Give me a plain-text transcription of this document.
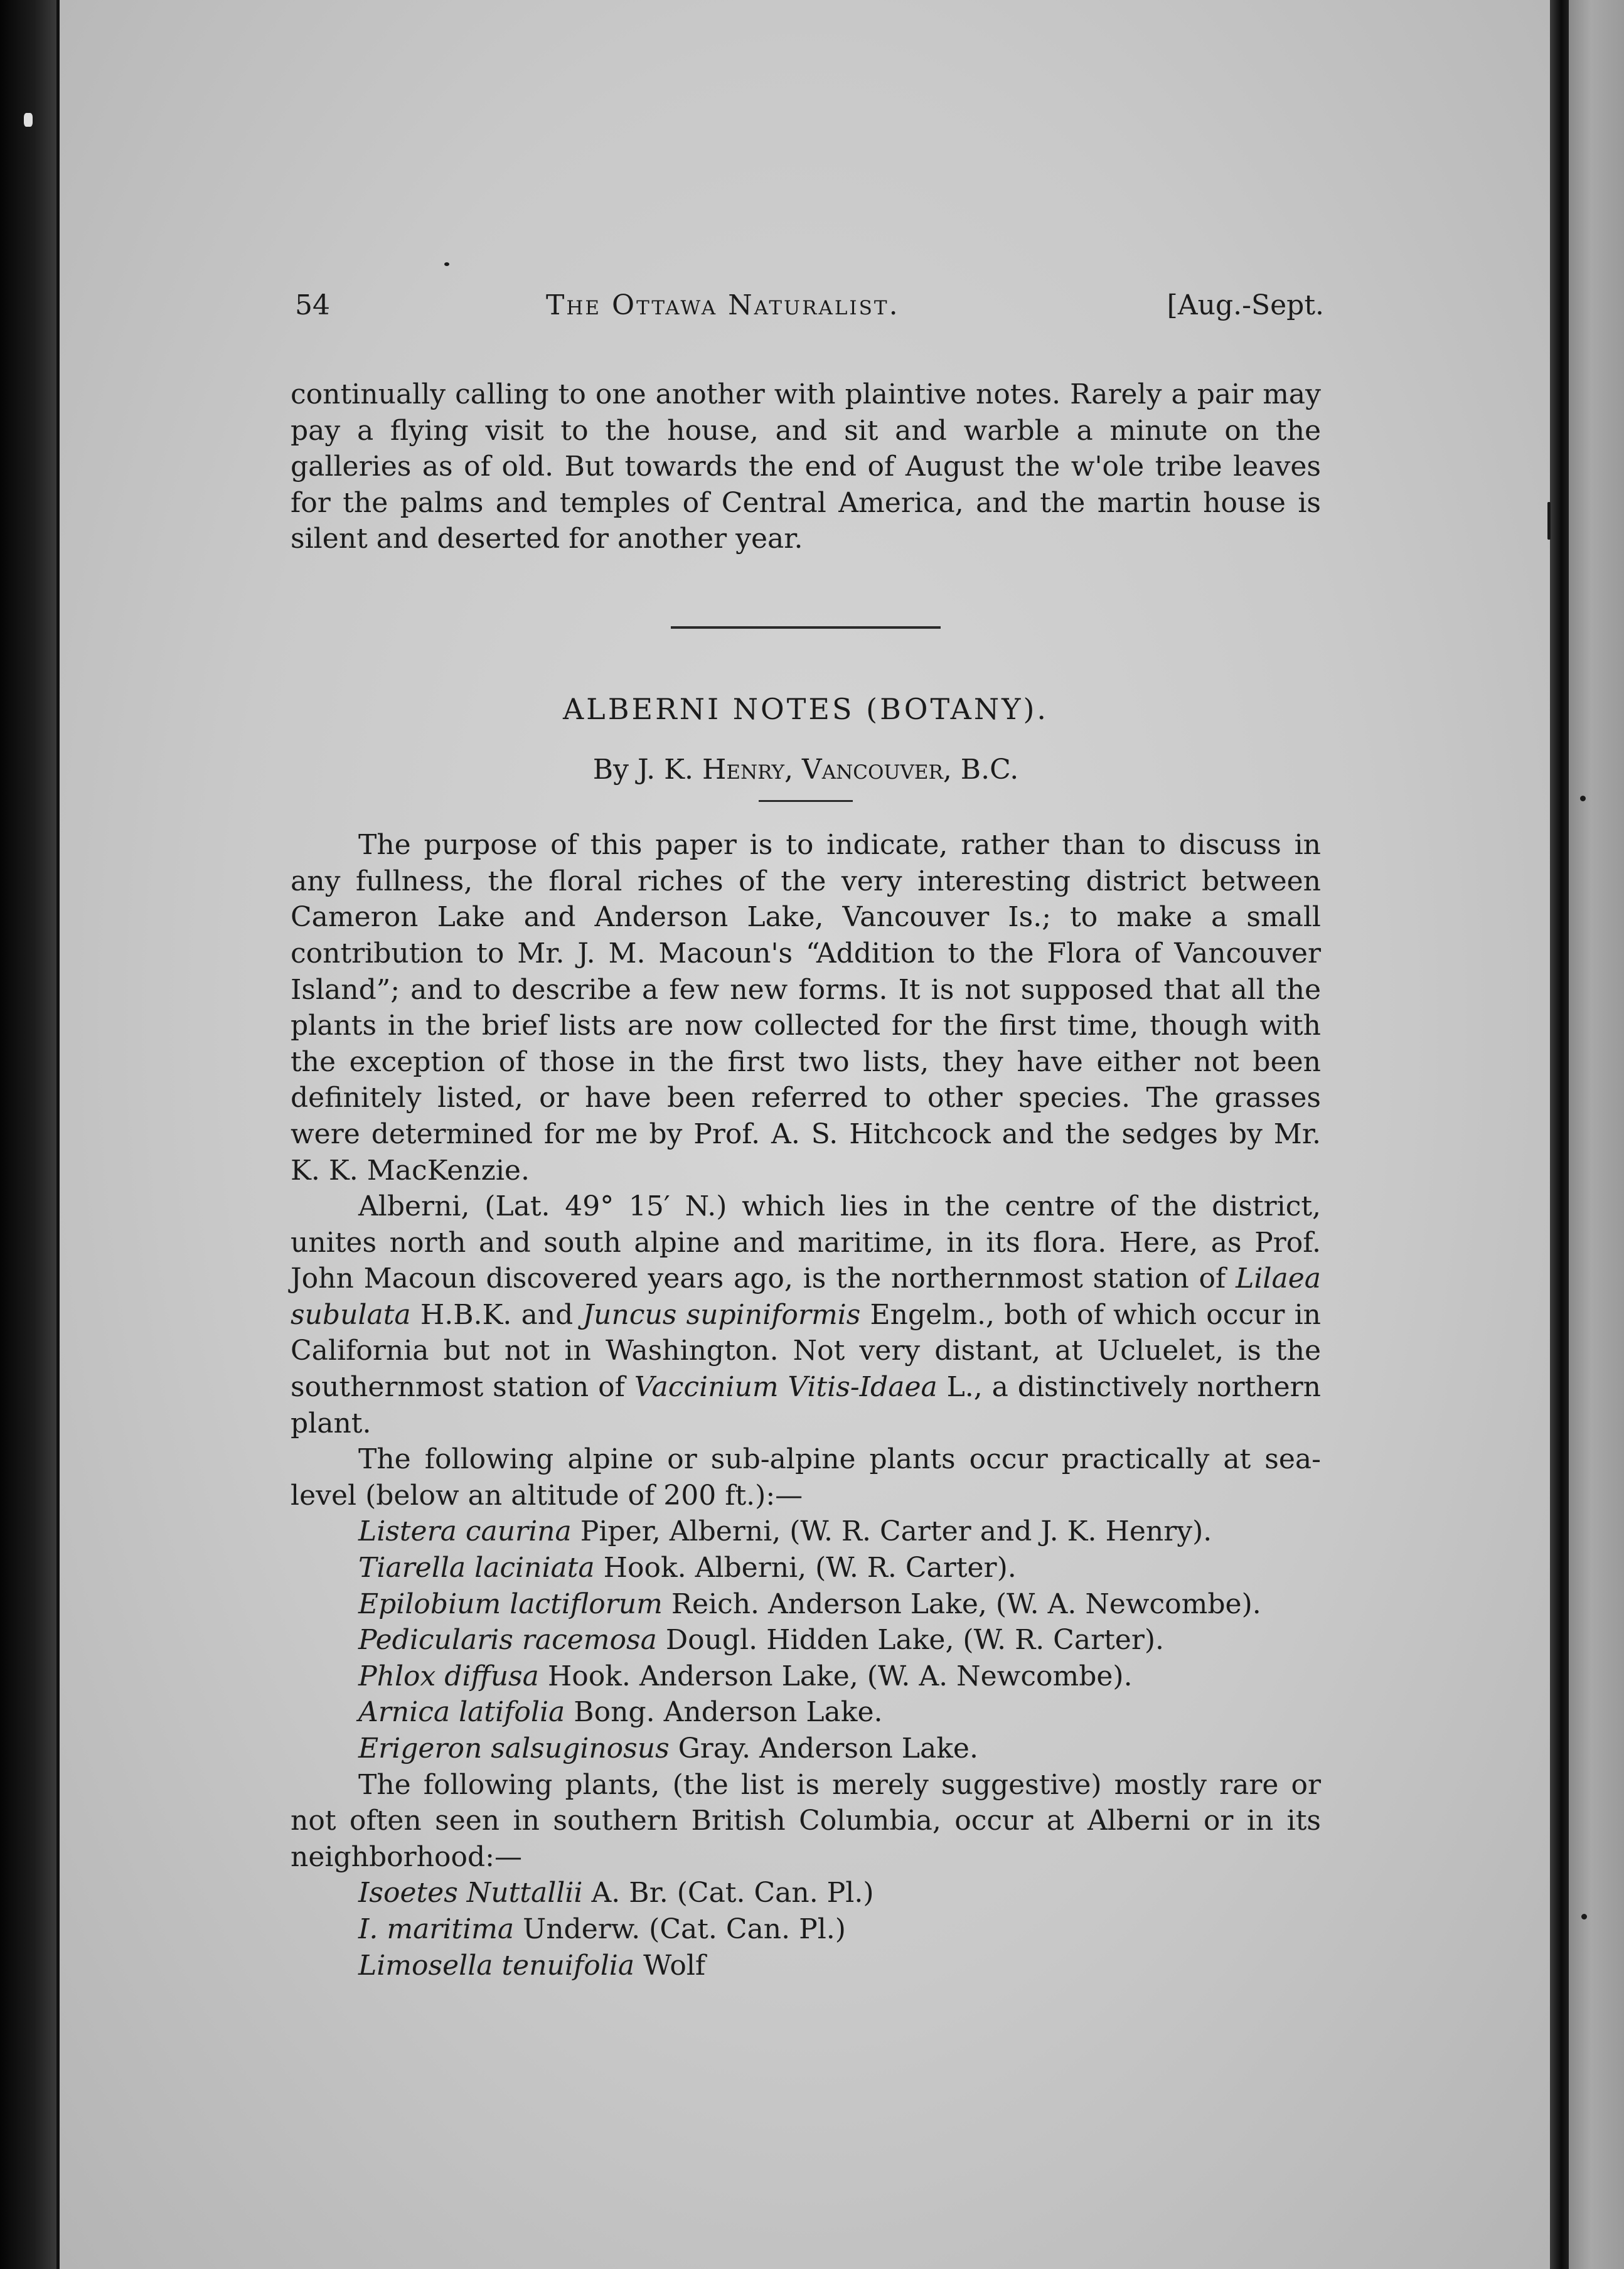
54	The Ottawa Naturalist.	[Aug.-Sept.

continually calling to one another with plaintive notes. Rarely a pair may pay a flying visit to the house, and sit and warble a minute on the galleries as of old. But towards the end of August the w'ole tribe leaves for the palms and temples of Central America, and the martin house is silent and deserted for another year.

ALBERNI NOTES (BOTANY).
By J. K. Henry, Vancouver, B.C.

The purpose of this paper is to indicate, rather than to discuss in any fullness, the floral riches of the very interesting district between Cameron Lake and Anderson Lake, Vancouver Is.; to make a small contribution to Mr. J. M. Macoun's “Addition to the Flora of Vancouver Island”; and to describe a few new forms. It is not supposed that all the plants in the brief lists are now collected for the first time, though with the exception of those in the first two lists, they have either not been definitely listed, or have been referred to other species. The grasses were determined for me by Prof. A. S. Hitchcock and the sedges by Mr. K. K. MacKenzie.

Alberni, (Lat. 49° 15′ N.) which lies in the centre of the district, unites north and south alpine and maritime, in its flora. Here, as Prof. John Macoun discovered years ago, is the northernmost station of Lilaea subulata H.B.K. and Juncus supiniformis Engelm., both of which occur in California but not in Washington. Not very distant, at Ucluelet, is the southernmost station of Vaccinium Vitis-Idaea L., a distinctively northern plant.

The following alpine or sub-alpine plants occur practically at sea-level (below an altitude of 200 ft.):—

Listera caurina Piper, Alberni, (W. R. Carter and J. K. Henry).

Tiarella laciniata Hook. Alberni, (W. R. Carter).

Epilobium lactiflorum Reich. Anderson Lake, (W. A. Newcombe).

Pedicularis racemosa Dougl. Hidden Lake, (W. R. Carter).

Phlox diffusa Hook. Anderson Lake, (W. A. Newcombe).

Arnica latifolia Bong. Anderson Lake.

Erigeron salsuginosus Gray. Anderson Lake.

The following plants, (the list is merely suggestive) mostly rare or not often seen in southern British Columbia, occur at Alberni or in its neighborhood:—

Isoetes Nuttallii A. Br. (Cat. Can. Pl.)

I. maritima Underw. (Cat. Can. Pl.)

Limosella tenuifolia Wolf
